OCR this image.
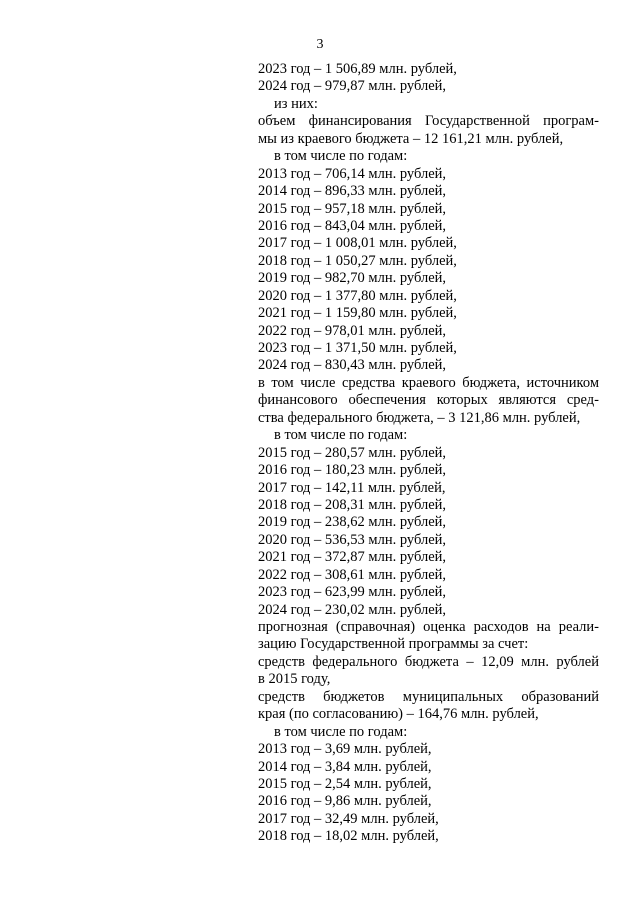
3
2023 год – 1 506,89 млн. рублей,
2024 год – 979,87 млн. рублей,
из них:
объем финансирования Государственной програм-
мы из краевого бюджета – 12 161,21 млн. рублей,
в том числе по годам:
2013 год – 706,14 млн. рублей,
2014 год – 896,33 млн. рублей,
2015 год – 957,18 млн. рублей,
2016 год – 843,04 млн. рублей,
2017 год – 1 008,01 млн. рублей,
2018 год – 1 050,27 млн. рублей,
2019 год – 982,70 млн. рублей,
2020 год – 1 377,80 млн. рублей,
2021 год – 1 159,80 млн. рублей,
2022 год – 978,01 млн. рублей,
2023 год – 1 371,50 млн. рублей,
2024 год – 830,43 млн. рублей,
в том числе средства краевого бюджета, источником
финансового обеспечения которых являются сред-
ства федерального бюджета, – 3 121,86 млн. рублей,
в том числе по годам:
2015 год – 280,57 млн. рублей,
2016 год – 180,23 млн. рублей,
2017 год – 142,11 млн. рублей,
2018 год – 208,31 млн. рублей,
2019 год – 238,62 млн. рублей,
2020 год – 536,53 млн. рублей,
2021 год – 372,87 млн. рублей,
2022 год – 308,61 млн. рублей,
2023 год – 623,99 млн. рублей,
2024 год – 230,02 млн. рублей,
прогнозная (справочная) оценка расходов на реали-
зацию Государственной программы за счет:
средств федерального бюджета – 12,09 млн. рублей
в 2015 году,
средств бюджетов муниципальных образований
края (по согласованию) – 164,76 млн. рублей,
в том числе по годам:
2013 год – 3,69 млн. рублей,
2014 год – 3,84 млн. рублей,
2015 год – 2,54 млн. рублей,
2016 год – 9,86 млн. рублей,
2017 год – 32,49 млн. рублей,
2018 год – 18,02 млн. рублей,
